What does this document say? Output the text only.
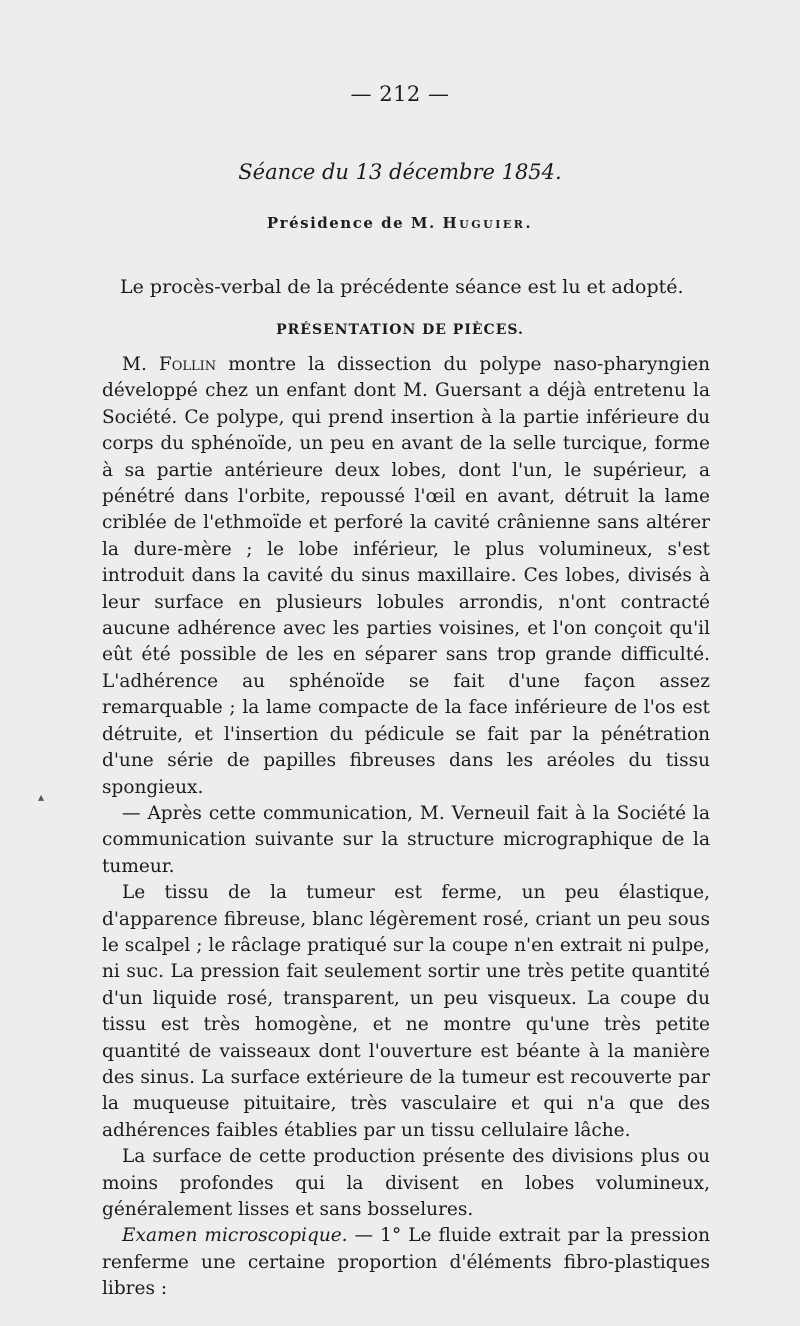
— 212 —
Séance du 13 décembre 1854.
Présidence de M. Huguier.
Le procès-verbal de la précédente séance est lu et adopté.
PRÉSENTATION DE PIÈCES.

M. Follin montre la dissection du polype naso-pharyngien développé chez un enfant dont M. Guersant a déjà entretenu la Société. Ce polype, qui prend insertion à la partie inférieure du corps du sphénoïde, un peu en avant de la selle turcique, forme à sa partie antérieure deux lobes, dont l'un, le supérieur, a pénétré dans l'orbite, repoussé l'œil en avant, détruit la lame criblée de l'ethmoïde et perforé la cavité crânienne sans altérer la dure-mère ; le lobe inférieur, le plus volumineux, s'est introduit dans la cavité du sinus maxillaire. Ces lobes, divisés à leur surface en plusieurs lobules arrondis, n'ont contracté aucune adhérence avec les parties voisines, et l'on conçoit qu'il eût été possible de les en séparer sans trop grande difficulté. L'adhérence au sphénoïde se fait d'une façon assez remarquable ; la lame compacte de la face inférieure de l'os est détruite, et l'insertion du pédicule se fait par la pénétration d'une série de papilles fibreuses dans les aréoles du tissu spongieux.

— Après cette communication, M. Verneuil fait à la Société la communication suivante sur la structure micrographique de la tumeur.

Le tissu de la tumeur est ferme, un peu élastique, d'apparence fibreuse, blanc légèrement rosé, criant un peu sous le scalpel ; le râclage pratiqué sur la coupe n'en extrait ni pulpe, ni suc. La pression fait seulement sortir une très petite quantité d'un liquide rosé, transparent, un peu visqueux. La coupe du tissu est très homogène, et ne montre qu'une très petite quantité de vaisseaux dont l'ouverture est béante à la manière des sinus. La surface extérieure de la tumeur est recouverte par la muqueuse pituitaire, très vasculaire et qui n'a que des adhérences faibles établies par un tissu cellulaire lâche.

La surface de cette production présente des divisions plus ou moins profondes qui la divisent en lobes volumineux, généralement lisses et sans bosselures.

Examen microscopique. — 1° Le fluide extrait par la pression renferme une certaine proportion d'éléments fibro-plastiques libres :

▴
